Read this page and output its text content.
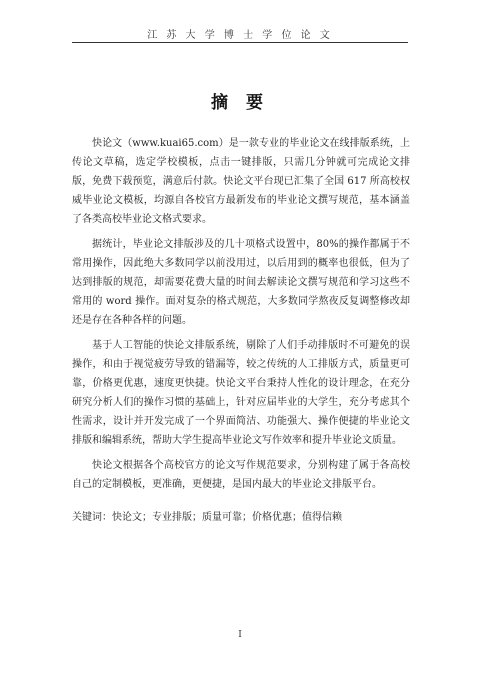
江 苏 大 学 博 士 学 位 论 文
摘 要

快论文（www.kuai65.com）是一款专业的毕业论文在线排版系统，上传论文草稿，选定学校模板，点击一键排版，只需几分钟就可完成论文排版，免费下载预览，满意后付款。快论文平台现已汇集了全国 617 所高校权威毕业论文模板，均源自各校官方最新发布的毕业论文撰写规范，基本涵盖了各类高校毕业论文格式要求。

据统计，毕业论文排版涉及的几十项格式设置中，80%的操作都属于不常用操作，因此绝大多数同学以前没用过，以后用到的概率也很低，但为了达到排版的规范，却需要花费大量的时间去解读论文撰写规范和学习这些不常用的 word 操作。面对复杂的格式规范，大多数同学熬夜反复调整修改却还是存在各种各样的问题。

基于人工智能的快论文排版系统，剔除了人们手动排版时不可避免的误操作，和由于视觉疲劳导致的错漏等，较之传统的人工排版方式，质量更可靠，价格更优惠，速度更快捷。快论文平台秉持人性化的设计理念，在充分研究分析人们的操作习惯的基础上，针对应届毕业的大学生，充分考虑其个性需求，设计并开发完成了一个界面简洁、功能强大、操作便捷的毕业论文排版和编辑系统，帮助大学生提高毕业论文写作效率和提升毕业论文质量。

快论文根据各个高校官方的论文写作规范要求，分别构建了属于各高校自己的定制模板，更准确，更便捷，是国内最大的毕业论文排版平台。

关键词：快论文；专业排版；质量可靠；价格优惠；值得信赖
I
